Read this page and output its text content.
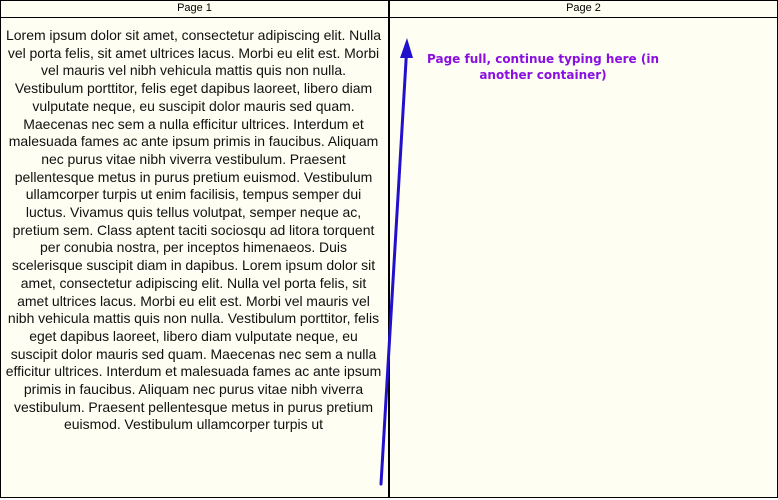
Page 1
Lorem ipsum dolor sit amet, consectetur adipiscing elit. Nulla vel porta felis, sit amet ultrices lacus. Morbi eu elit est. Morbi vel mauris vel nibh vehicula mattis quis non nulla. Vestibulum porttitor, felis eget dapibus laoreet, libero diam vulputate neque, eu suscipit dolor mauris sed quam. Maecenas nec sem a nulla efficitur ultrices. Interdum et malesuada fames ac ante ipsum primis in faucibus. Aliquam nec purus vitae nibh viverra vestibulum. Praesent pellentesque metus in purus pretium euismod. Vestibulum ullamcorper turpis ut enim facilisis, tempus semper dui luctus. Vivamus quis tellus volutpat, semper neque ac, pretium sem. Class aptent taciti sociosqu ad litora torquent per conubia nostra, per inceptos himenaeos. Duis scelerisque suscipit diam in dapibus. Lorem ipsum dolor sit amet, consectetur adipiscing elit. Nulla vel porta felis, sit amet ultrices lacus. Morbi eu elit est. Morbi vel mauris vel nibh vehicula mattis quis non nulla. Vestibulum porttitor, felis eget dapibus laoreet, libero diam vulputate neque, eu suscipit dolor mauris sed quam. Maecenas nec sem a nulla efficitur ultrices. Interdum et malesuada fames ac ante ipsum primis in faucibus. Aliquam nec purus vitae nibh viverra vestibulum. Praesent pellentesque metus in purus pretium euismod. Vestibulum ullamcorper turpis ut
Page 2
Page full, continue typing here (in another container)
